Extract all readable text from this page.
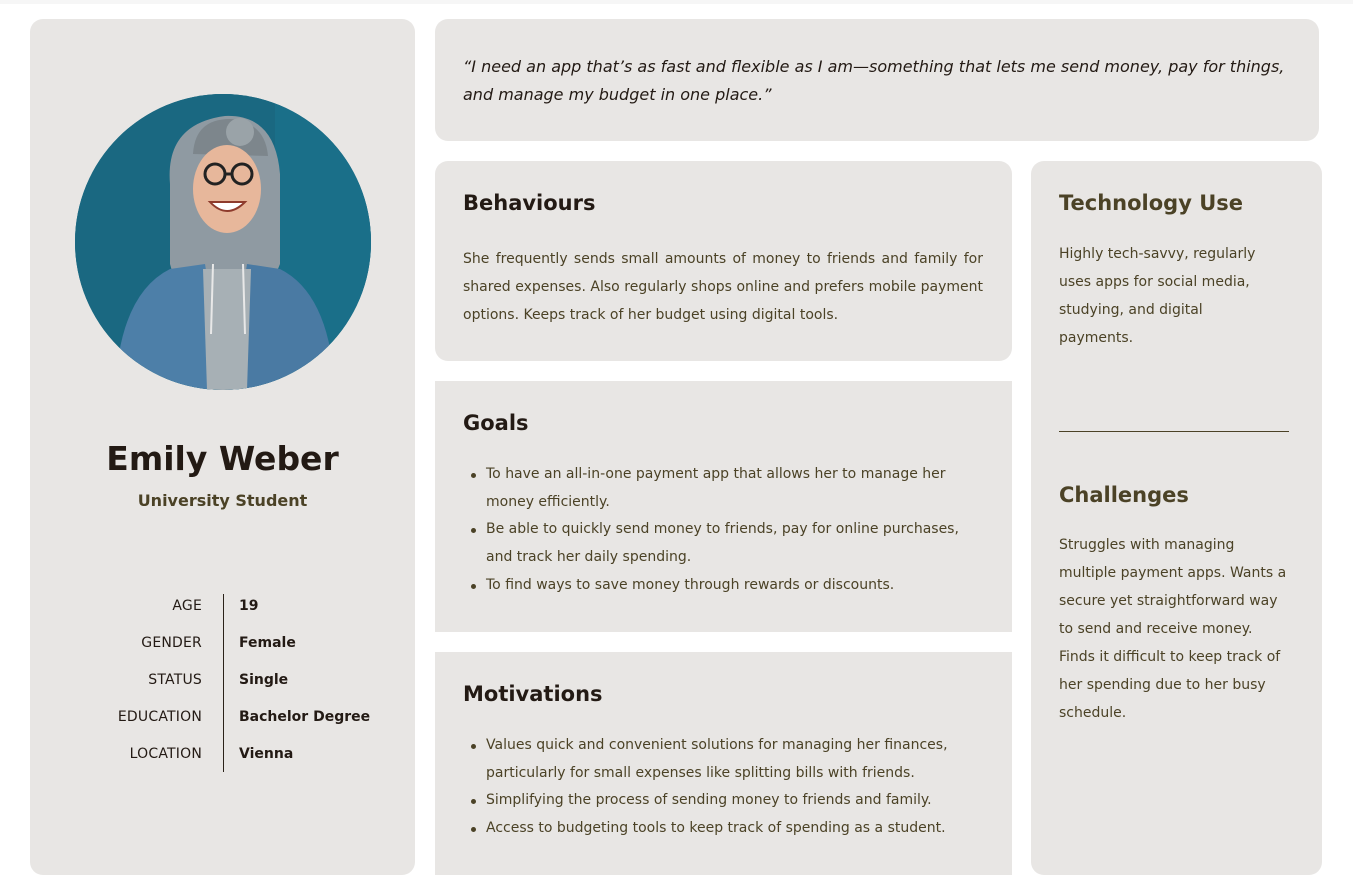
Emily Weber
University Student
AGE	19
GENDER	Female
STATUS	Single
EDUCATION	Bachelor Degree
LOCATION	Vienna

“I need an app that’s as fast and flexible as I am—something that lets me send money, pay for things, and manage my budget in one place.”

Behaviours

She frequently sends small amounts of money to friends and family for shared expenses. Also regularly shops online and prefers mobile payment options. Keeps track of her budget using digital tools.

Goals
To have an all-in-one payment app that allows her to manage her money efficiently.
Be able to quickly send money to friends, pay for online purchases, and track her daily spending.
To find ways to save money through rewards or discounts.
Motivations
Values quick and convenient solutions for managing her finances, particularly for small expenses like splitting bills with friends.
Simplifying the process of sending money to friends and family.
Access to budgeting tools to keep track of spending as a student.
Technology Use

Highly tech-savvy, regularly uses apps for social media, studying, and digital payments.

Challenges

Struggles with managing multiple payment apps. Wants a secure yet straightforward way to send and receive money. Finds it difficult to keep track of her spending due to her busy schedule.
